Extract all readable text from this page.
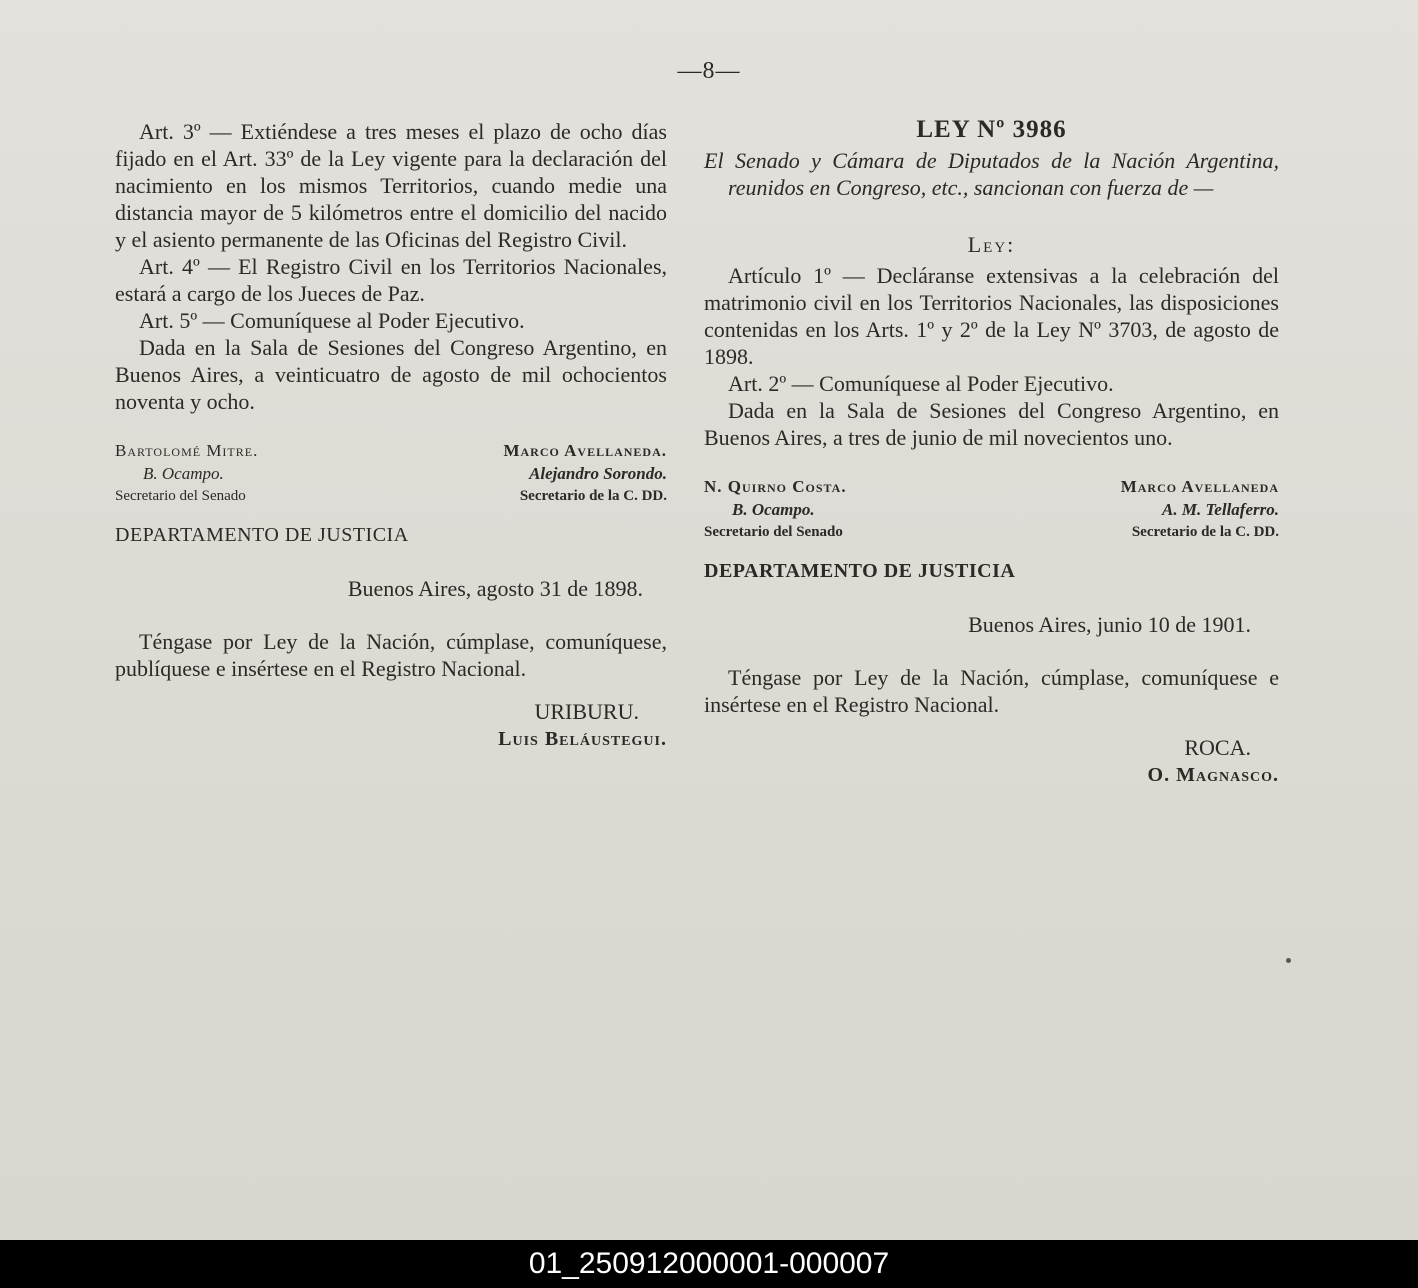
—8—

Art. 3º — Extiéndese a tres meses el plazo de ocho días fijado en el Art. 33º de la Ley vigente para la declaración del nacimiento en los mismos Territorios, cuando medie una distancia mayor de 5 kilómetros entre el domicilio del nacido y el asiento permanente de las Oficinas del Registro Civil.

Art. 4º — El Registro Civil en los Territorios Nacionales, estará a cargo de los Jueces de Paz.

Art. 5º — Comuníquese al Poder Ejecutivo.

Dada en la Sala de Sesiones del Congreso Argentino, en Buenos Aires, a veinticuatro de agosto de mil ochocientos noventa y ocho.

Bartolomé Mitre.
B. Ocampo.
Secretario del Senado
Marco Avellaneda.
Alejandro Sorondo.
Secretario de la C. DD.
DEPARTAMENTO DE JUSTICIA
Buenos Aires, agosto 31 de 1898.

Téngase por Ley de la Nación, cúmplase, comuníquese, publíquese e insértese en el Registro Nacional.

URIBURU.
Luis Beláustegui.
LEY Nº 3986

El Senado y Cámara de Diputados de la Nación Argentina, reunidos en Congreso, etc., sancionan con fuerza de —

Ley:

Artículo 1º — Decláranse extensivas a la celebración del matrimonio civil en los Territorios Nacionales, las disposiciones contenidas en los Arts. 1º y 2º de la Ley Nº 3703, de agosto de 1898.

Art. 2º — Comuníquese al Poder Ejecutivo.

Dada en la Sala de Sesiones del Congreso Argentino, en Buenos Aires, a tres de junio de mil novecientos uno.

N. Quirno Costa.
B. Ocampo.
Secretario del Senado
Marco Avellaneda
A. M. Tellaferro.
Secretario de la C. DD.
DEPARTAMENTO DE JUSTICIA
Buenos Aires, junio 10 de 1901.

Téngase por Ley de la Nación, cúmplase, comuníquese e insértese en el Registro Nacional.

ROCA.
O. Magnasco.
01_250912000001-000007
